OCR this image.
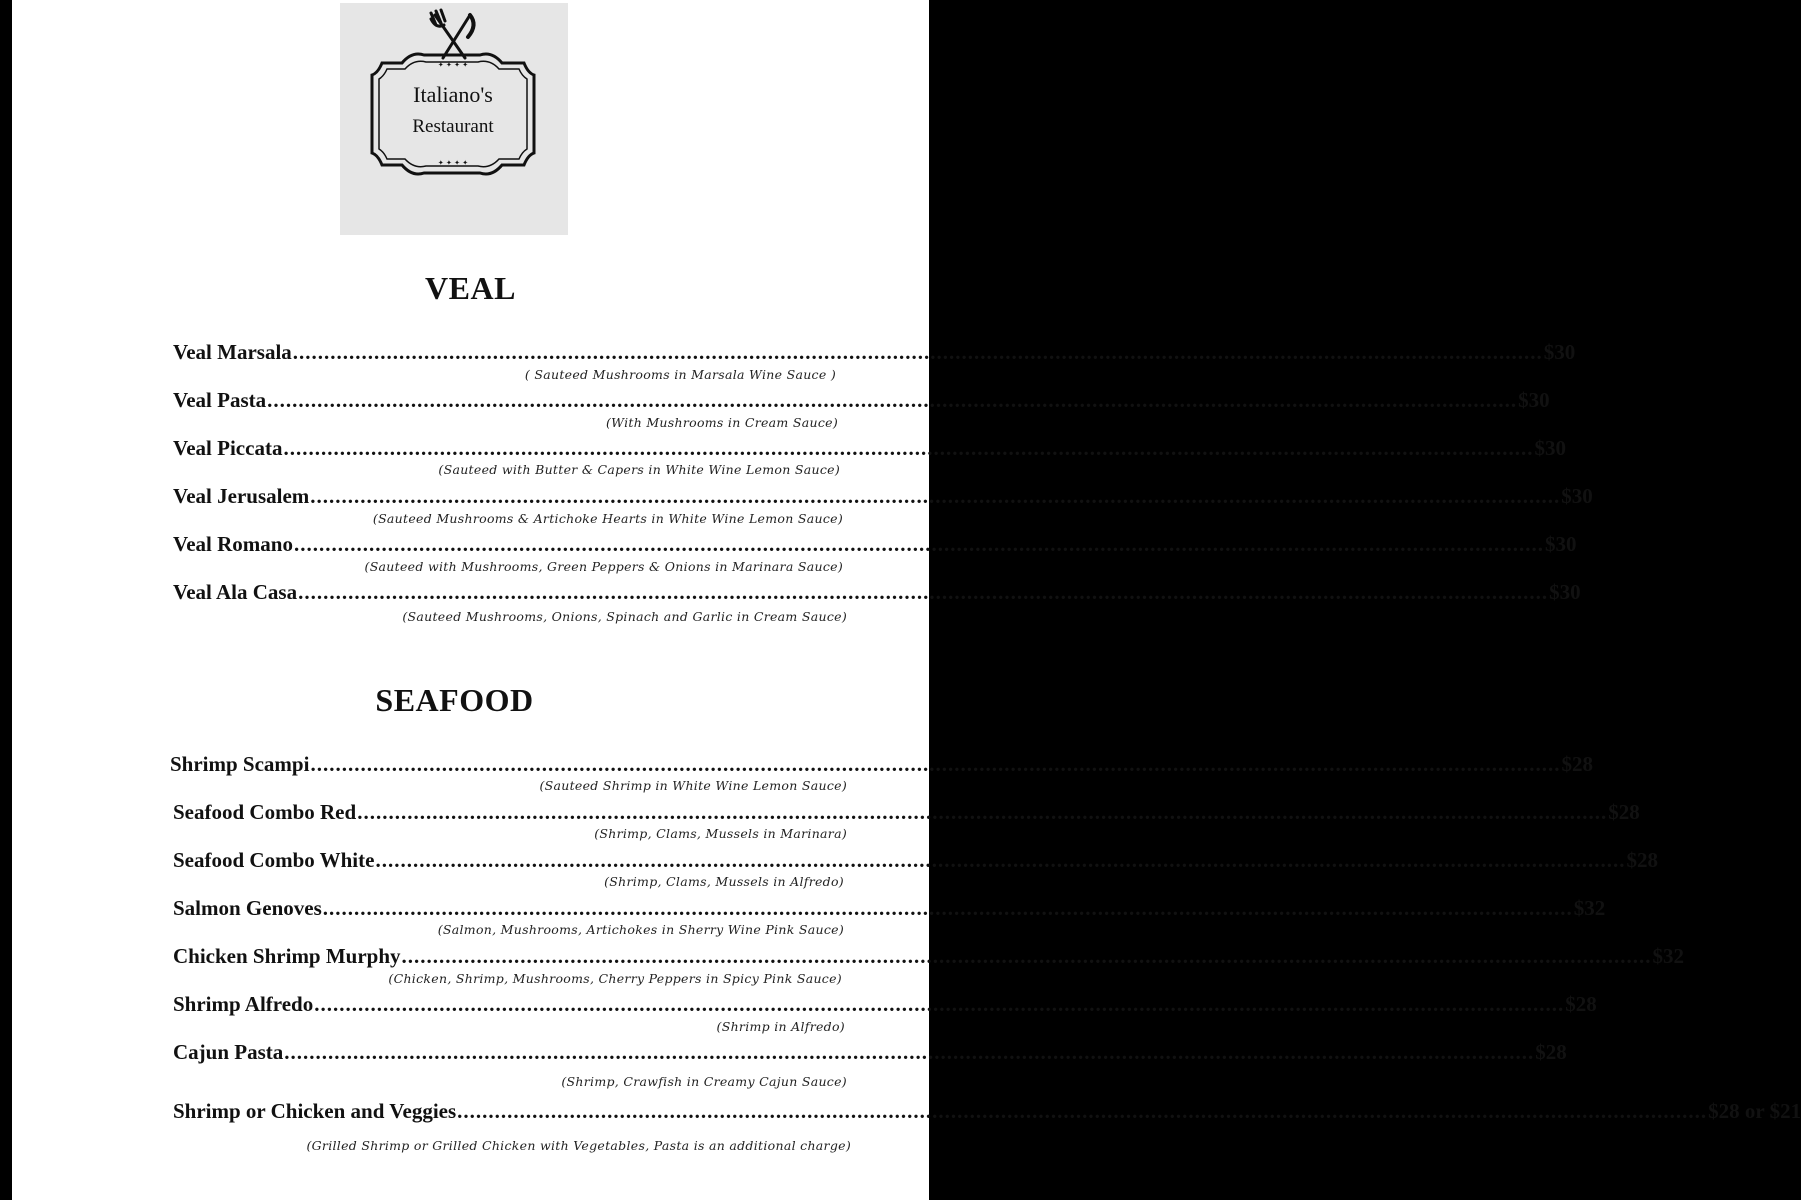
✦ ✦ ✦ ✦
✦ ✦ ✦ ✦
Italiano's
Restaurant
VEAL
Veal Marsala ........................................................................................................................................................................................................ $30
( Sauteed Mushrooms in Marsala Wine Sauce )
Veal Pasta ........................................................................................................................................................................................................ $30
(With Mushrooms in Cream Sauce)
Veal Piccata ........................................................................................................................................................................................................ $30
(Sauteed with Butter & Capers in White Wine Lemon Sauce)
Veal Jerusalem ........................................................................................................................................................................................................ $30
(Sauteed Mushrooms & Artichoke Hearts in White Wine Lemon Sauce)
Veal Romano ........................................................................................................................................................................................................ $30
(Sauteed with Mushrooms, Green Peppers & Onions in Marinara Sauce)
Veal Ala Casa ........................................................................................................................................................................................................ $30
(Sauteed Mushrooms, Onions, Spinach and Garlic in Cream Sauce)
SEAFOOD
Shrimp Scampi ........................................................................................................................................................................................................ $28
(Sauteed Shrimp in White Wine Lemon Sauce)
Seafood Combo Red ........................................................................................................................................................................................................ $28
(Shrimp, Clams, Mussels in Marinara)
Seafood Combo White ........................................................................................................................................................................................................ $28
(Shrimp, Clams, Mussels in Alfredo)
Salmon Genoves ........................................................................................................................................................................................................ $32
(Salmon, Mushrooms, Artichokes in Sherry Wine Pink Sauce)
Chicken Shrimp Murphy ........................................................................................................................................................................................................ $32
(Chicken, Shrimp, Mushrooms, Cherry Peppers in Spicy Pink Sauce)
Shrimp Alfredo ........................................................................................................................................................................................................ $28
(Shrimp in Alfredo)
Cajun Pasta ........................................................................................................................................................................................................ $28
(Shrimp, Crawfish in Creamy Cajun Sauce)
Shrimp or Chicken and Veggies ........................................................................................................................................................................................................ $28 or $21
(Grilled Shrimp or Grilled Chicken with Vegetables, Pasta is an additional charge)
